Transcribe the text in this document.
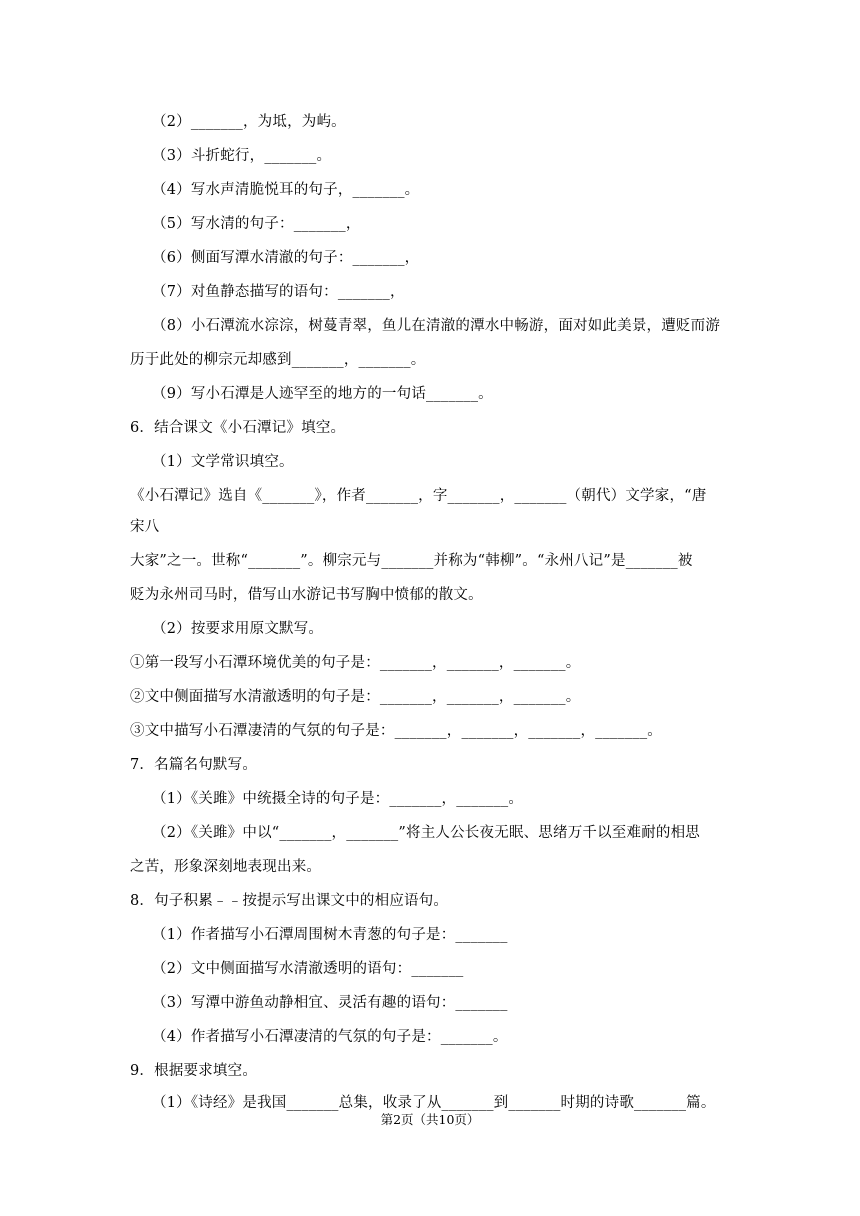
（2）_______，为坻，为屿。
（3）斗折蛇行，_______。
（4）写水声清脆悦耳的句子，_______。
（5）写水清的句子：_______，
（6）侧面写潭水清澈的句子：_______，
（7）对鱼静态描写的语句：_______，
（8）小石潭流水淙淙，树蔓青翠，鱼儿在清澈的潭水中畅游，面对如此美景，遭贬而游
历于此处的柳宗元却感到_______，_______。
（9）写小石潭是人迹罕至的地方的一句话_______。
6．结合课文《小石潭记》填空。
（1）文学常识填空。
《小石潭记》选自《_______》，作者_______，字_______，_______（朝代）文学家，“唐
宋八
大家”之一。世称“_______”。柳宗元与_______并称为“韩柳”。“永州八记”是_______被
贬为永州司马时，借写山水游记书写胸中愤郁的散文。
（2）按要求用原文默写。
①第一段写小石潭环境优美的句子是：_______，_______，_______。
②文中侧面描写水清澈透明的句子是：_______，_______，_______。
③文中描写小石潭凄清的气氛的句子是：_______，_______，_______，_______。
7．名篇名句默写。
（1）《关雎》中统摄全诗的句子是：_______，_______。
（2）《关雎》中以“_______，_______”将主人公长夜无眠、思绪万千以至难耐的相思
之苦，形象深刻地表现出来。
8．句子积累﹣﹣按提示写出课文中的相应语句。
（1）作者描写小石潭周围树木青葱的句子是：_______
（2）文中侧面描写水清澈透明的语句：_______
（3）写潭中游鱼动静相宜、灵活有趣的语句：_______
（4）作者描写小石潭凄清的气氛的句子是：_______。
9．根据要求填空。
（1）《诗经》是我国_______总集，收录了从_______到_______时期的诗歌_______篇。
第2页（共10页）
